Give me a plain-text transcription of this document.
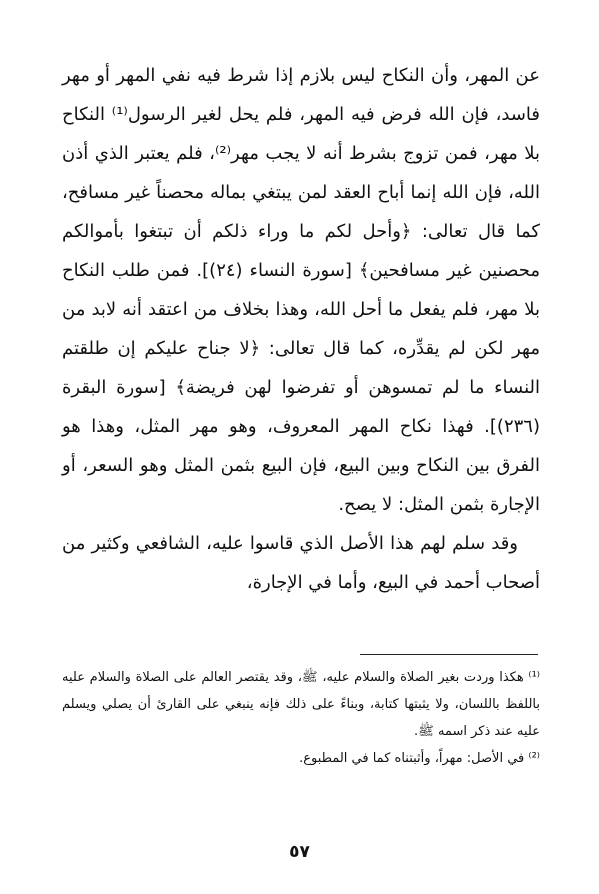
عن المهر، وأن النكاح ليس بلازم إذا شرط فيه نفي المهر أو مهر فاسد، فإن الله فرض فيه المهر، فلم يحل لغير الرسول⁽¹⁾ النكاح بلا مهر، فمن تزوج بشرط أنه لا يجب مهر⁽²⁾، فلم يعتبر الذي أذن الله، فإن الله إنما أباح العقد لمن يبتغي بماله محصناً غير مسافح، كما قال تعالى: ﴿وأحل لكم ما وراء ذلكم أن تبتغوا بأموالكم محصنين غير مسافحين﴾ [سورة النساء (٢٤)]. فمن طلب النكاح بلا مهر، فلم يفعل ما أحل الله، وهذا بخلاف من اعتقد أنه لابد من مهر لكن لم يقدِّره، كما قال تعالى: ﴿لا جناح عليكم إن طلقتم النساء ما لم تمسوهن أو تفرضوا لهن فريضة﴾ [سورة البقرة (٢٣٦)]. فهذا نكاح المهر المعروف، وهو مهر المثل، وهذا هو الفرق بين النكاح وبين البيع، فإن البيع بثمن المثل وهو السعر، أو الإجارة بثمن المثل: لا يصح.

وقد سلم لهم هذا الأصل الذي قاسوا عليه، الشافعي وكثير من أصحاب أحمد في البيع، وأما في الإجارة،

⁽¹⁾ هكذا وردت بغير الصلاة والسلام عليه، ﷺ، وقد يقتصر العالم على الصلاة والسلام عليه باللفظ باللسان، ولا يثبتها كتابة، وبناءً على ذلك فإنه ينبغي على القارئ أن يصلي ويسلم عليه عند ذكر اسمه ﷺ.

⁽²⁾ في الأصل: مهراً، وأثبتناه كما في المطبوع.

٥٧
